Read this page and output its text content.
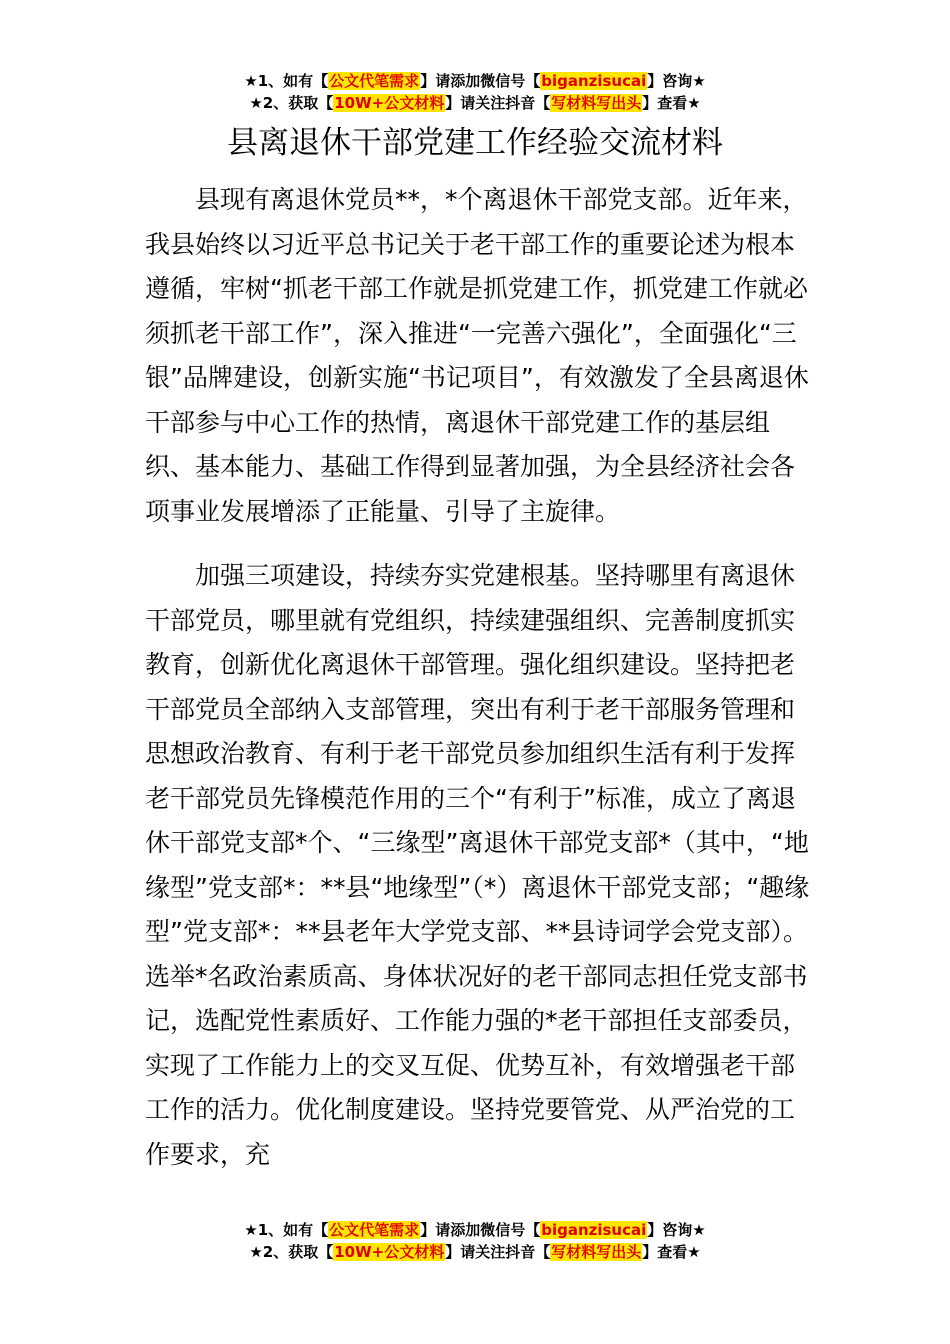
★1、如有【公文代笔需求】请添加微信号【biganzisucai】咨询★
★2、获取【10W+公文材料】请关注抖音【写材料写出头】查看★
县离退休干部党建工作经验交流材料

县现有离退休党员**，*个离退休干部党支部。近年来，我县始终以习近平总书记关于老干部工作的重要论述为根本遵循，牢树“抓老干部工作就是抓党建工作，抓党建工作就必须抓老干部工作”，深入推进“一完善六强化”，全面强化“三银”品牌建设，创新实施“书记项目”，有效激发了全县离退休干部参与中心工作的热情，离退休干部党建工作的基层组织、基本能力、基础工作得到显著加强，为全县经济社会各项事业发展增添了正能量、引导了主旋律。

加强三项建设，持续夯实党建根基。坚持哪里有离退休干部党员，哪里就有党组织，持续建强组织、完善制度抓实教育，创新优化离退休干部管理。强化组织建设。坚持把老干部党员全部纳入支部管理，突出有利于老干部服务管理和思想政治教育、有利于老干部党员参加组织生活有利于发挥老干部党员先锋模范作用的三个“有利于”标准，成立了离退休干部党支部*个、“三缘型”离退休干部党支部*（其中，“地缘型”党支部*：**县“地缘型”（*）离退休干部党支部；“趣缘型”党支部*：**县老年大学党支部、**县诗词学会党支部）。选举*名政治素质高、身体状况好的老干部同志担任党支部书记，选配党性素质好、工作能力强的*老干部担任支部委员，实现了工作能力上的交叉互促、优势互补，有效增强老干部工作的活力。优化制度建设。坚持党要管党、从严治党的工作要求，充

★1、如有【公文代笔需求】请添加微信号【biganzisucai】咨询★
★2、获取【10W+公文材料】请关注抖音【写材料写出头】查看★
